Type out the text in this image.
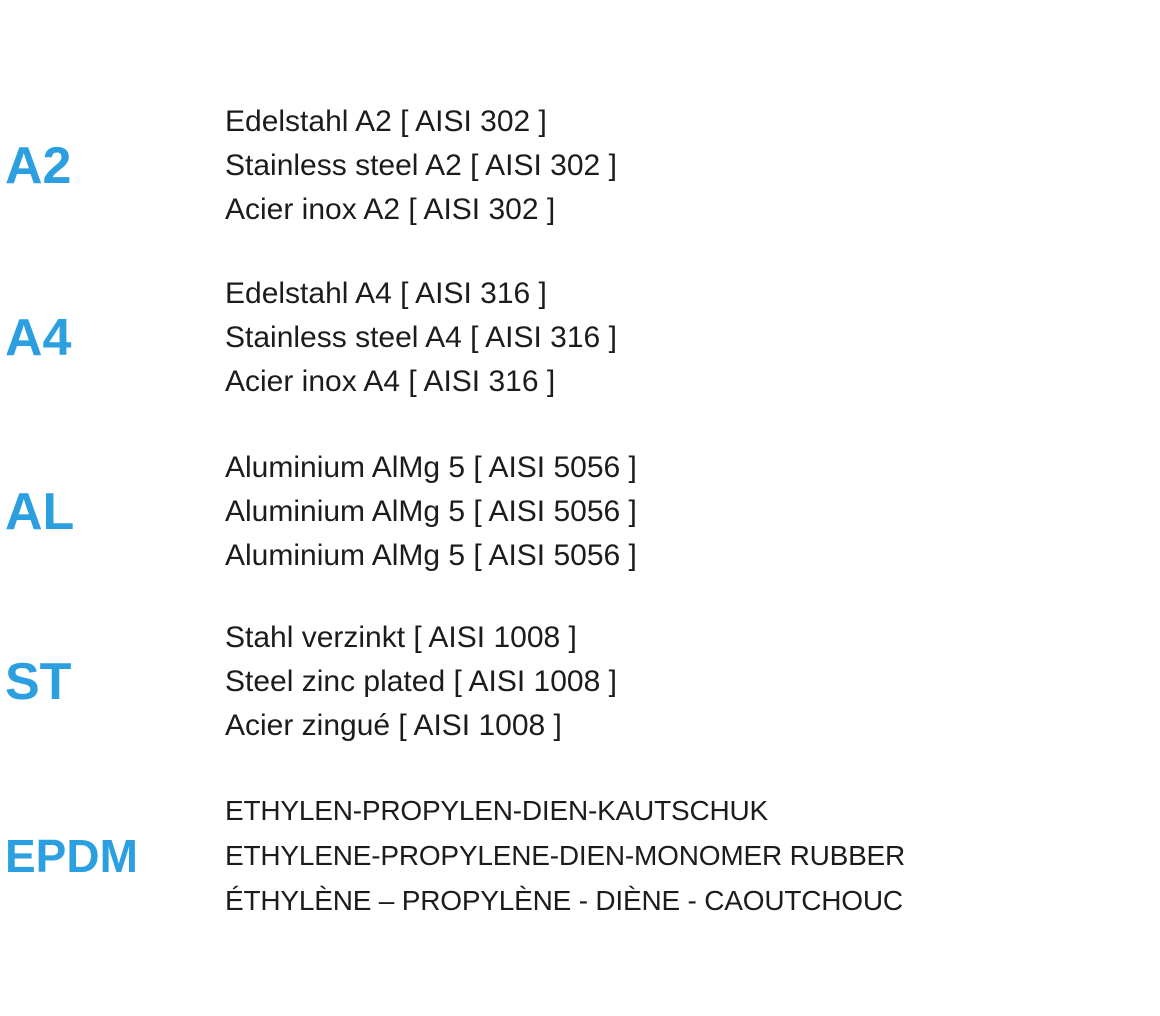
A2
Edelstahl A2 [ AISI 302 ]
Stainless steel A2 [ AISI 302 ]
Acier inox A2 [ AISI 302 ]
A4
Edelstahl A4 [ AISI 316 ]
Stainless steel A4 [ AISI 316 ]
Acier inox A4 [ AISI 316 ]
AL
Aluminium AlMg 5 [ AISI 5056 ]
Aluminium AlMg 5 [ AISI 5056 ]
Aluminium AlMg 5 [ AISI 5056 ]
ST
Stahl verzinkt [ AISI 1008 ]
Steel zinc plated [ AISI 1008 ]
Acier zingué [ AISI 1008 ]
EPDM
ETHYLEN-PROPYLEN-DIEN-KAUTSCHUK
ETHYLENE-PROPYLENE-DIEN-MONOMER RUBBER
ÉTHYLÈNE – PROPYLÈNE - DIÈNE - CAOUTCHOUC
